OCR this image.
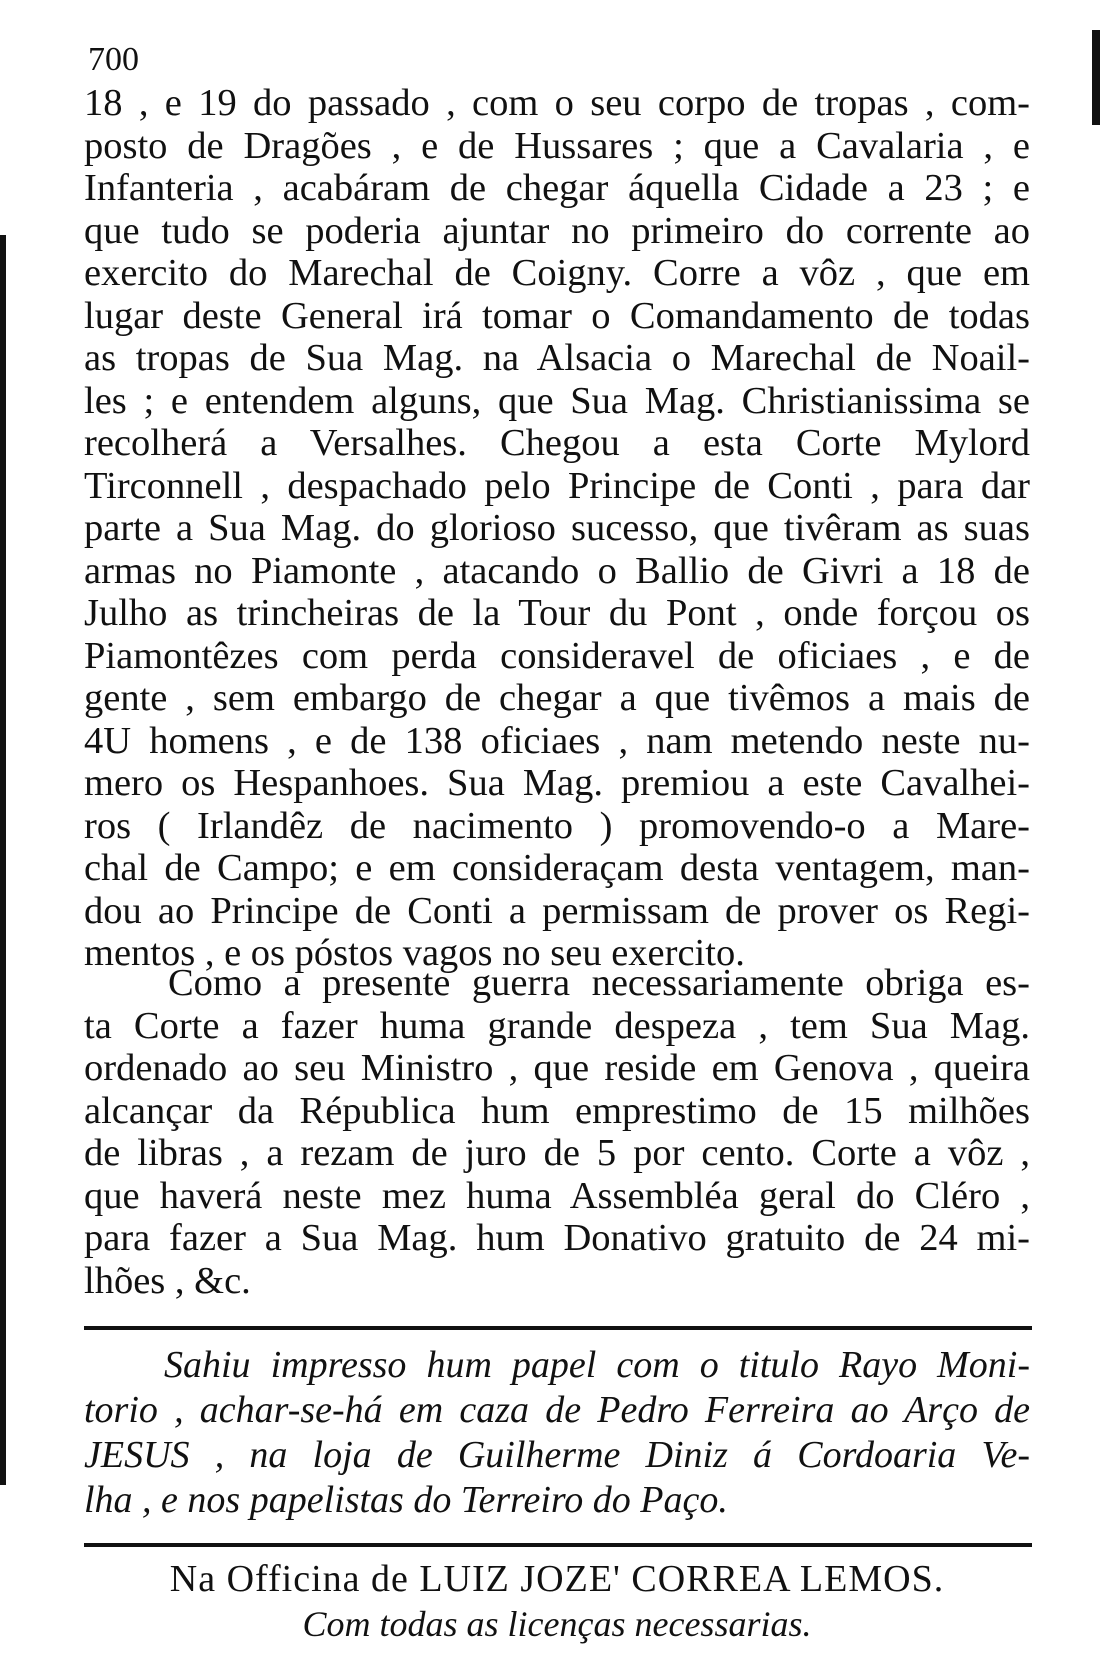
700
18 , e 19 do passado , com o seu corpo de tropas , com-
posto de Dragões , e de Hussares ; que a Cavalaria , e
Infanteria , acabáram de chegar áquella Cidade a 23 ; e
que tudo se poderia ajuntar no primeiro do corrente ao
exercito do Marechal de Coigny. Corre a vôz , que em
lugar deste General irá tomar o Comandamento de todas
as tropas de Sua Mag. na Alsacia o Marechal de Noail-
les ; e entendem alguns, que Sua Mag. Christianissima se
recolherá a Versalhes. Chegou a esta Corte Mylord
Tirconnell , despachado pelo Principe de Conti , para dar
parte a Sua Mag. do glorioso sucesso, que tivêram as suas
armas no Piamonte , atacando o Ballio de Givri a 18 de
Julho as trincheiras de la Tour du Pont , onde forçou os
Piamontêzes com perda consideravel de oficiaes , e de
gente , sem embargo de chegar a que tivêmos a mais de
4U homens , e de 138 oficiaes , nam metendo neste nu-
mero os Hespanhoes. Sua Mag. premiou a este Cavalhei-
ros ( Irlandêz de nacimento ) promovendo-o a Mare-
chal de Campo; e em consideraçam desta ventagem, man-
dou ao Principe de Conti a permissam de prover os Regi-
mentos , e os póstos vagos no seu exercito.
Como a presente guerra necessariamente obriga es-
ta Corte a fazer huma grande despeza , tem Sua Mag.
ordenado ao seu Ministro , que reside em Genova , queira
alcançar da Républica hum emprestimo de 15 milhões
de libras , a rezam de juro de 5 por cento. Corte a vôz ,
que haverá neste mez huma Assembléa geral do Cléro ,
para fazer a Sua Mag. hum Donativo gratuito de 24 mi-
lhões , &c.
Sahiu impresso hum papel com o titulo Rayo Moni-
torio , achar-se-há em caza de Pedro Ferreira ao Arço de
JESUS , na loja de Guilherme Diniz á Cordoaria Ve-
lha , e nos papelistas do Terreiro do Paço.
Na Officina de LUIZ JOZE' CORREA LEMOS.
Com todas as licenças necessarias.
